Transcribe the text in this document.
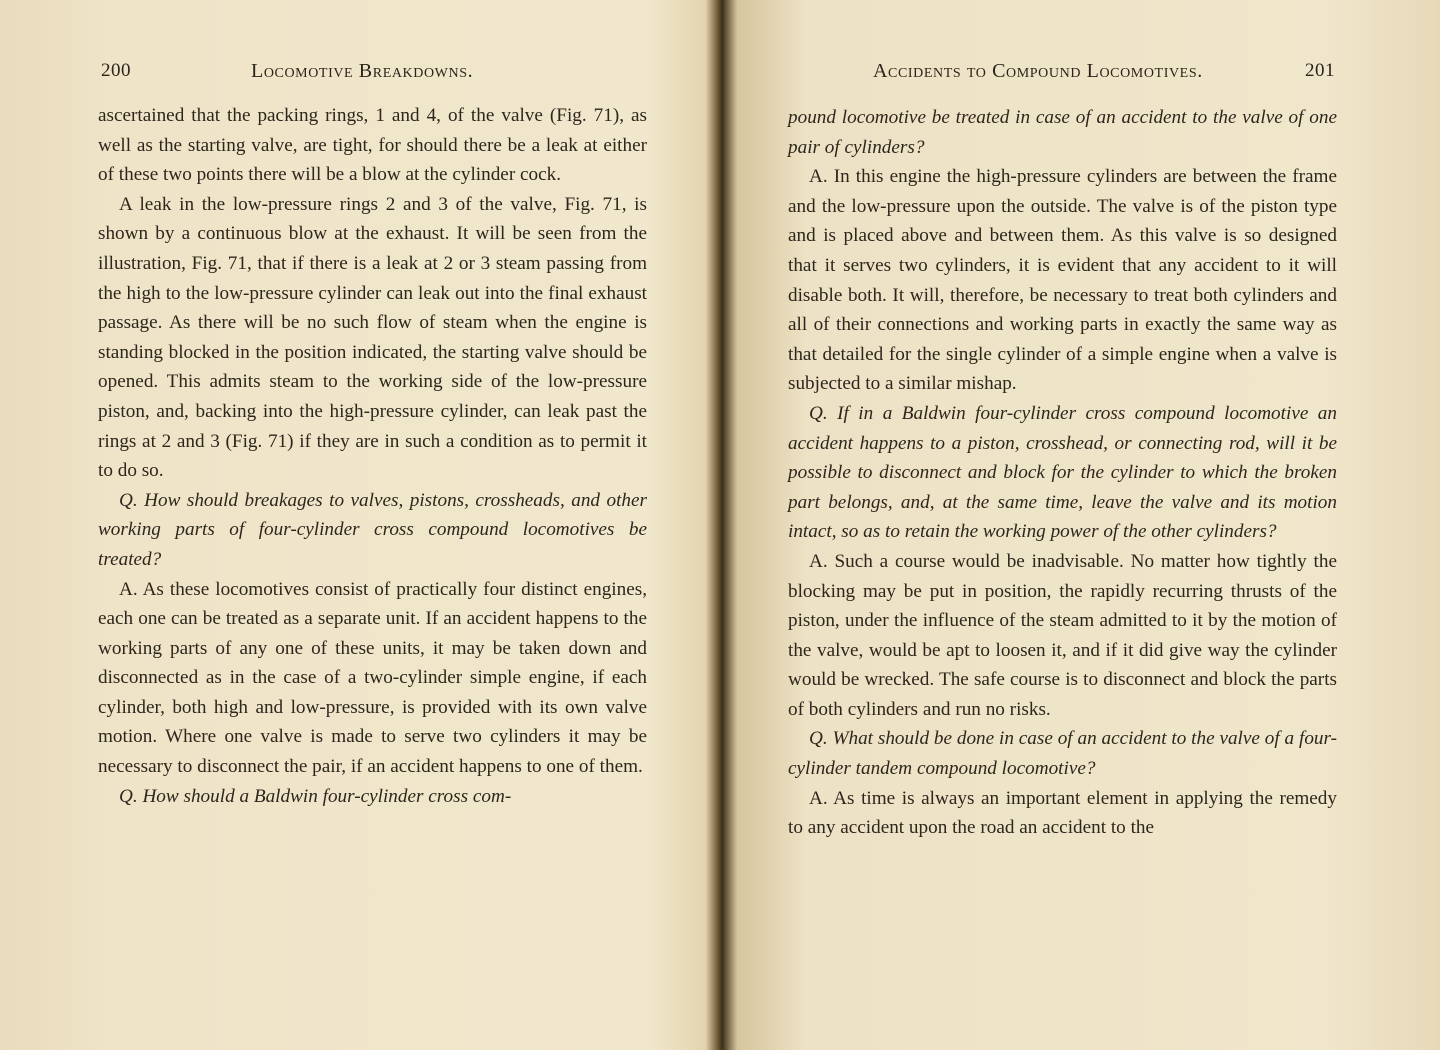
200	Locomotive Breakdowns.

ascertained that the packing rings, 1 and 4, of the valve (Fig. 71), as well as the starting valve, are tight, for should there be a leak at either of these two points there will be a blow at the cylinder cock.

A leak in the low-pressure rings 2 and 3 of the valve, Fig. 71, is shown by a continuous blow at the exhaust. It will be seen from the illustration, Fig. 71, that if there is a leak at 2 or 3 steam passing from the high to the low-pressure cylinder can leak out into the final exhaust passage. As there will be no such flow of steam when the engine is standing blocked in the position indicated, the starting valve should be opened. This admits steam to the working side of the low-pressure piston, and, backing into the high-pressure cylinder, can leak past the rings at 2 and 3 (Fig. 71) if they are in such a condition as to permit it to do so.

Q. How should breakages to valves, pistons, crossheads, and other working parts of four-cylinder cross compound locomotives be treated?

A. As these locomotives consist of practically four distinct engines, each one can be treated as a separate unit. If an accident happens to the working parts of any one of these units, it may be taken down and disconnected as in the case of a two-cylinder simple engine, if each cylinder, both high and low-pressure, is provided with its own valve motion. Where one valve is made to serve two cylinders it may be necessary to disconnect the pair, if an accident happens to one of them.

Q. How should a Baldwin four-cylinder cross com-

Accidents to Compound Locomotives.	201

pound locomotive be treated in case of an accident to the valve of one pair of cylinders?

A. In this engine the high-pressure cylinders are between the frame and the low-pressure upon the outside. The valve is of the piston type and is placed above and between them. As this valve is so designed that it serves two cylinders, it is evident that any accident to it will disable both. It will, therefore, be necessary to treat both cylinders and all of their connections and working parts in exactly the same way as that detailed for the single cylinder of a simple engine when a valve is subjected to a similar mishap.

Q. If in a Baldwin four-cylinder cross compound locomotive an accident happens to a piston, crosshead, or connecting rod, will it be possible to disconnect and block for the cylinder to which the broken part belongs, and, at the same time, leave the valve and its motion intact, so as to retain the working power of the other cylinders?

A. Such a course would be inadvisable. No matter how tightly the blocking may be put in position, the rapidly recurring thrusts of the piston, under the influence of the steam admitted to it by the motion of the valve, would be apt to loosen it, and if it did give way the cylinder would be wrecked. The safe course is to disconnect and block the parts of both cylinders and run no risks.

Q. What should be done in case of an accident to the valve of a four-cylinder tandem compound locomotive?

A. As time is always an important element in applying the remedy to any accident upon the road an accident to the
